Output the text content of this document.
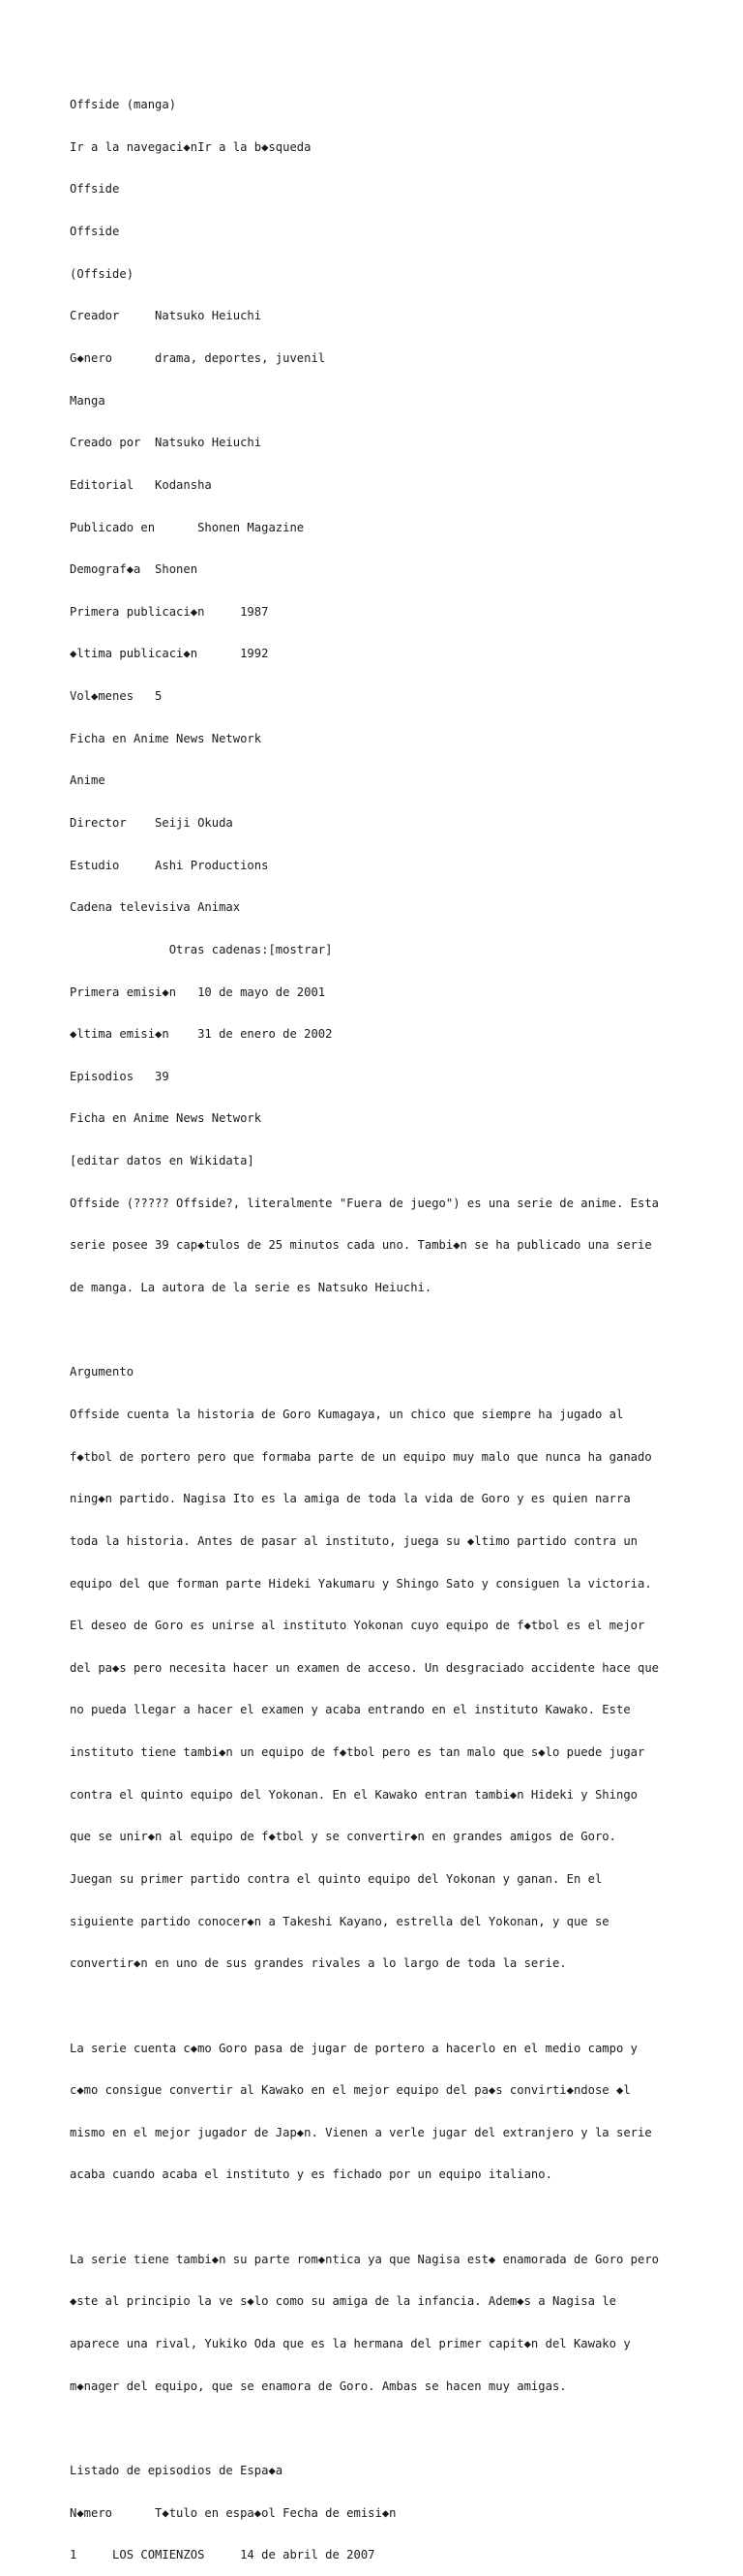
Offside (manga)

Ir a la navegaci◆nIr a la b◆squeda

Offside

Offside

(Offside)

Creador     Natsuko Heiuchi

G◆nero      drama, deportes, juvenil

Manga

Creado por  Natsuko Heiuchi

Editorial   Kodansha

Publicado en      Shonen Magazine

Demograf◆a  Shonen

Primera publicaci◆n     1987

◆ltima publicaci◆n      1992

Vol◆menes   5

Ficha en Anime News Network

Anime

Director    Seiji Okuda

Estudio     Ashi Productions

Cadena televisiva Animax

Otras cadenas:[mostrar]

Primera emisi◆n   10 de mayo de 2001

◆ltima emisi◆n    31 de enero de 2002

Episodios   39

Ficha en Anime News Network

[editar datos en Wikidata]

Offside (????? Offside?, literalmente "Fuera de juego") es una serie de anime. Esta

serie posee 39 cap◆tulos de 25 minutos cada uno. Tambi◆n se ha publicado una serie

de manga. La autora de la serie es Natsuko Heiuchi.

Argumento

Offside cuenta la historia de Goro Kumagaya, un chico que siempre ha jugado al

f◆tbol de portero pero que formaba parte de un equipo muy malo que nunca ha ganado

ning◆n partido. Nagisa Ito es la amiga de toda la vida de Goro y es quien narra

toda la historia. Antes de pasar al instituto, juega su ◆ltimo partido contra un

equipo del que forman parte Hideki Yakumaru y Shingo Sato y consiguen la victoria.

El deseo de Goro es unirse al instituto Yokonan cuyo equipo de f◆tbol es el mejor

del pa◆s pero necesita hacer un examen de acceso. Un desgraciado accidente hace que

no pueda llegar a hacer el examen y acaba entrando en el instituto Kawako. Este

instituto tiene tambi◆n un equipo de f◆tbol pero es tan malo que s◆lo puede jugar

contra el quinto equipo del Yokonan. En el Kawako entran tambi◆n Hideki y Shingo

que se unir◆n al equipo de f◆tbol y se convertir◆n en grandes amigos de Goro.

Juegan su primer partido contra el quinto equipo del Yokonan y ganan. En el

siguiente partido conocer◆n a Takeshi Kayano, estrella del Yokonan, y que se

convertir◆n en uno de sus grandes rivales a lo largo de toda la serie.

La serie cuenta c◆mo Goro pasa de jugar de portero a hacerlo en el medio campo y

c◆mo consigue convertir al Kawako en el mejor equipo del pa◆s convirti◆ndose ◆l

mismo en el mejor jugador de Jap◆n. Vienen a verle jugar del extranjero y la serie

acaba cuando acaba el instituto y es fichado por un equipo italiano.

La serie tiene tambi◆n su parte rom◆ntica ya que Nagisa est◆ enamorada de Goro pero

◆ste al principio la ve s◆lo como su amiga de la infancia. Adem◆s a Nagisa le

aparece una rival, Yukiko Oda que es la hermana del primer capit◆n del Kawako y

m◆nager del equipo, que se enamora de Goro. Ambas se hacen muy amigas.

Listado de episodios de Espa◆a

N◆mero      T◆tulo en espa◆ol Fecha de emisi◆n

1     LOS COMIENZOS     14 de abril de 2007
